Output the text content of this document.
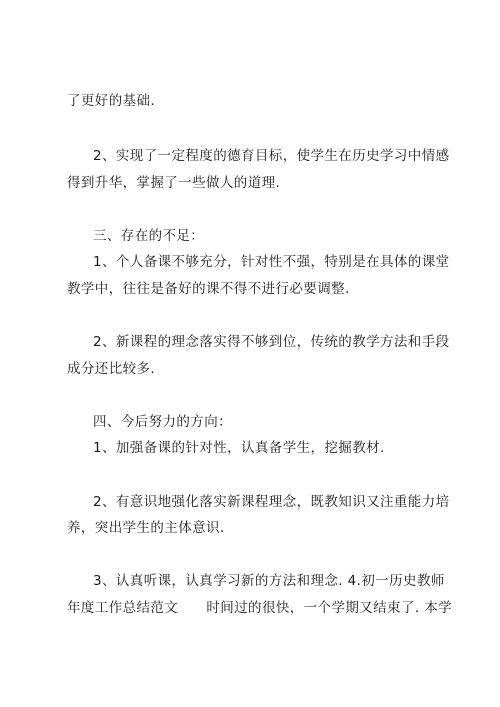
了更好的基础.
2、实现了一定程度的德育目标，使学生在历史学习中情感
得到升华，掌握了一些做人的道理.
三、存在的不足：
1、个人备课不够充分，针对性不强，特别是在具体的课堂
教学中，往往是备好的课不得不进行必要调整.
2、新课程的理念落实得不够到位，传统的教学方法和手段
成分还比较多.
四、今后努力的方向：
1、加强备课的针对性，认真备学生，挖掘教材.
2、有意识地强化落实新课程理念，既教知识又注重能力培
养，突出学生的主体意识.
3、认真听课，认真学习新的方法和理念. 4.初一历史教师
年度工作总结范文      时间过的很快，一个学期又结束了. 本学
